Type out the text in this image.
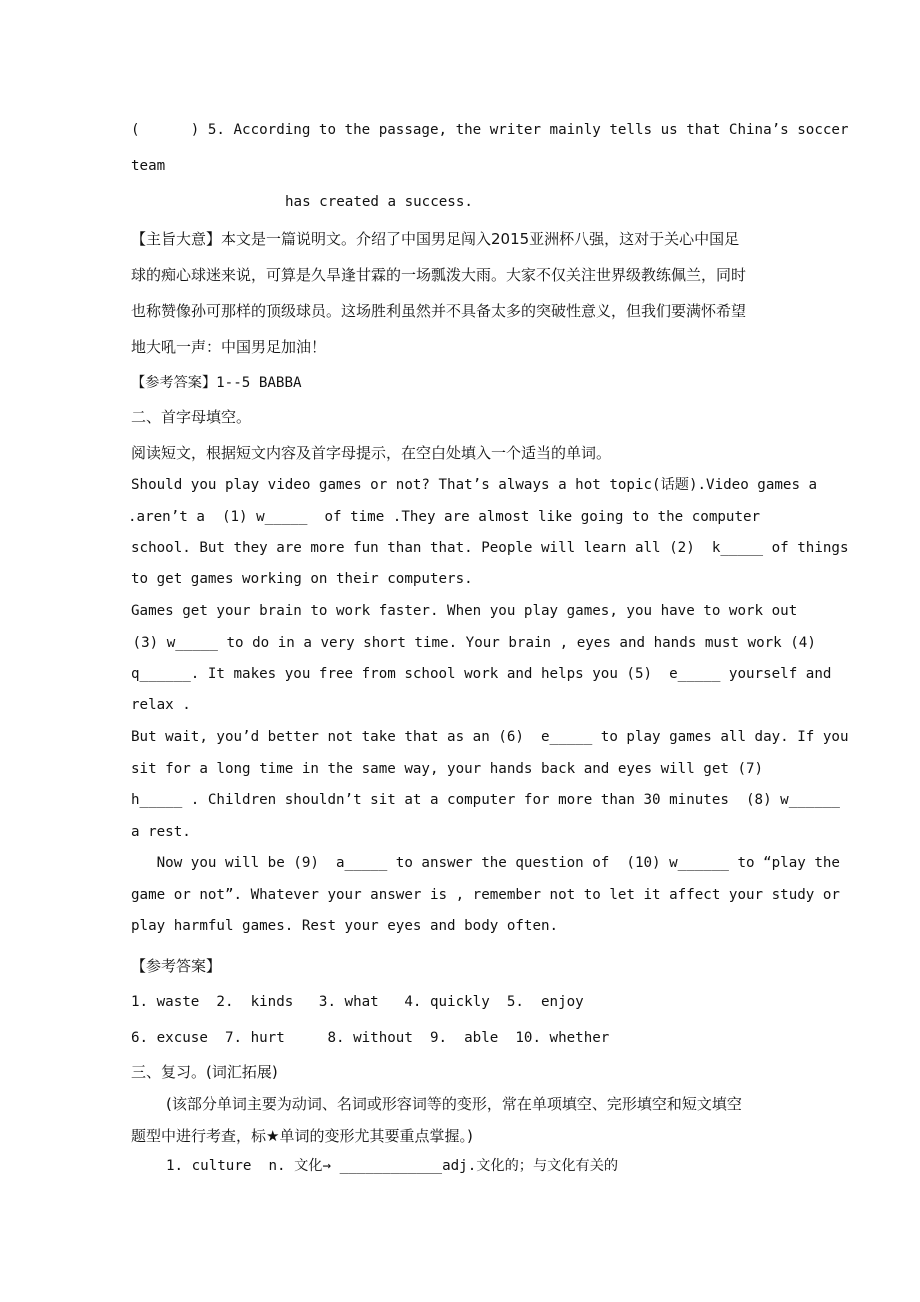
(      ) 5. According to the passage, the writer mainly tells us that China’s soccer
team
has created a success.
【主旨大意】本文是一篇说明文。介绍了中国男足闯入2015亚洲杯八强，这对于关心中国足
球的痴心球迷来说，可算是久旱逢甘霖的一场瓢泼大雨。大家不仅关注世界级教练佩兰，同时
也称赞像孙可那样的顶级球员。这场胜利虽然并不具备太多的突破性意义，但我们要满怀希望
地大吼一声：中国男足加油！
【参考答案】1--5 BABBA
二、首字母填空。
阅读短文，根据短文内容及首字母提示，在空白处填入一个适当的单词。
Should you play video games or not? That’s always a hot topic(话题).Video games a
.aren’t a  (1) w_____  of time .They are almost like going to the computer
school. But they are more fun than that. People will learn all (2)  k_____ of things
to get games working on their computers.
Games get your brain to work faster. When you play games, you have to work out
(3) w_____ to do in a very short time. Your brain , eyes and hands must work (4)
q______. It makes you free from school work and helps you (5)  e_____ yourself and
relax .
But wait, you’d better not take that as an (6)  e_____ to play games all day. If you
sit for a long time in the same way, your hands back and eyes will get (7)
h_____ . Children shouldn’t sit at a computer for more than 30 minutes  (8) w______
a rest.
Now you will be (9)  a_____ to answer the question of  (10) w______ to “play the
game or not”. Whatever your answer is , remember not to let it affect your study or
play harmful games. Rest your eyes and body often.
【参考答案】
1. waste  2.  kinds   3. what   4. quickly  5.  enjoy
6. excuse  7. hurt     8. without  9.  able  10. whether
三、复习。(词汇拓展)
(该部分单词主要为动词、名词或形容词等的变形，常在单项填空、完形填空和短文填空
题型中进行考查，标★单词的变形尤其要重点掌握。)
1. culture  n. 文化→ ____________adj.文化的；与文化有关的
